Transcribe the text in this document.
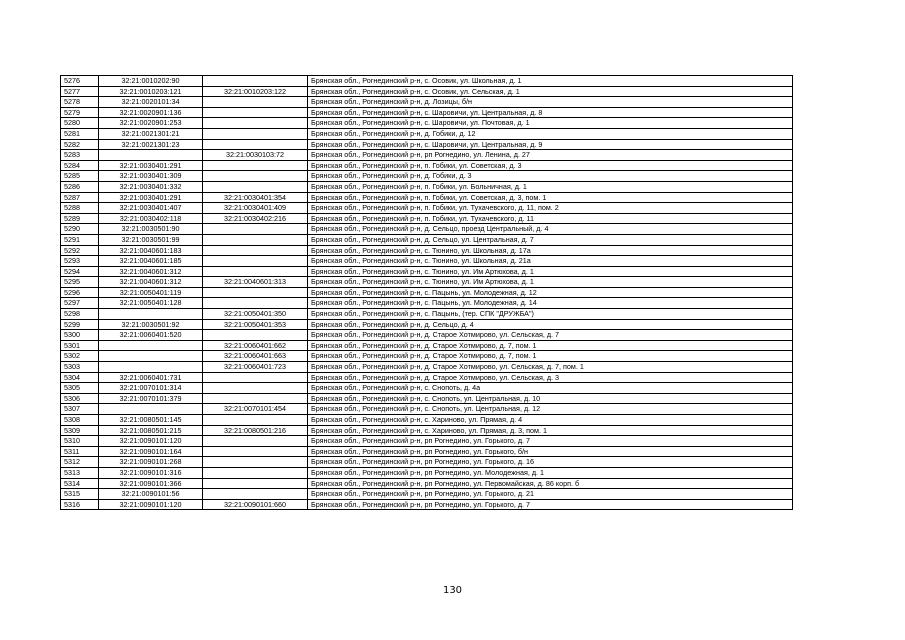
5276	32:21:0010202:90		Брянская обл., Рогнединский р-н, с. Осовик, ул. Школьная, д. 1
5277	32:21:0010203:121	32:21:0010203:122	Брянская обл., Рогнединский р-н, с. Осовик, ул. Сельская, д. 1
5278	32:21:0020101:34		Брянская обл., Рогнединский р-н, д. Лозицы, б/н
5279	32:21:0020901:136		Брянская обл., Рогнединский р-н, с. Шаровичи, ул. Центральная, д. 8
5280	32:21:0020901:253		Брянская обл., Рогнединский р-н, с. Шаровичи, ул. Почтовая, д. 1
5281	32:21:0021301:21		Брянская обл., Рогнединский р-н, д. Гобики, д. 12
5282	32:21:0021301:23		Брянская обл., Рогнединский р-н, с. Шаровичи, ул. Центральная, д. 9
5283		32:21:0030103:72	Брянская обл., Рогнединский р-н, рп Рогнедино, ул. Ленина, д. 27
5284	32:21:0030401:291		Брянская обл., Рогнединский р-н, п. Гобики, ул. Советская, д. 3
5285	32:21:0030401:309		Брянская обл., Рогнединский р-н, д. Гобики, д. 3
5286	32:21:0030401:332		Брянская обл., Рогнединский р-н, п. Гобики, ул. Больничная, д. 1
5287	32:21:0030401:291	32:21:0030401:354	Брянская обл., Рогнединский р-н, п. Гобики, ул. Советская, д. 3, пом. 1
5288	32:21:0030401:407	32:21:0030401:409	Брянская обл., Рогнединский р-н, п. Гобики, ул. Тухачевского, д. 11, пом. 2
5289	32:21:0030402:118	32:21:0030402:216	Брянская обл., Рогнединский р-н, п. Гобики, ул. Тухачевского, д. 11
5290	32:21:0030501:90		Брянская обл., Рогнединский р-н, д. Сельцо, проезд Центральный, д. 4
5291	32:21:0030501:99		Брянская обл., Рогнединский р-н, д. Сельцо, ул. Центральная, д. 7
5292	32:21:0040601:183		Брянская обл., Рогнединский р-н, с. Тюнино, ул. Школьная, д. 17а
5293	32:21:0040601:185		Брянская обл., Рогнединский р-н, с. Тюнино, ул. Школьная, д. 21а
5294	32:21:0040601:312		Брянская обл., Рогнединский р-н, с. Тюнино, ул. Им Артюхова, д. 1
5295	32:21:0040601:312	32:21:0040601:313	Брянская обл., Рогнединский р-н, с. Тюнино, ул. Им Артюхова, д. 1
5296	32:21:0050401:119		Брянская обл., Рогнединский р-н, с. Пацынь, ул. Молодежная, д. 12
5297	32:21:0050401:128		Брянская обл., Рогнединский р-н, с. Пацынь, ул. Молодежная, д. 14
5298		32:21:0050401:350	Брянская обл., Рогнединский р-н, с. Пацынь, (тер. СПК "ДРУЖБА")
5299	32:21:0030501:92	32:21:0050401:353	Брянская обл., Рогнединский р-н, д. Сельцо, д. 4
5300	32:21:0060401:520		Брянская обл., Рогнединский р-н, д. Старое Хотмирово, ул. Сельская, д. 7
5301		32:21:0060401:662	Брянская обл., Рогнединский р-н, д. Старое Хотмирово, д. 7, пом. 1
5302		32:21:0060401:663	Брянская обл., Рогнединский р-н, д. Старое Хотмирово, д. 7, пом. 1
5303		32:21:0060401:723	Брянская обл., Рогнединский р-н, д. Старое Хотмирово, ул. Сельская, д. 7, пом. 1
5304	32:21:0060401:731		Брянская обл., Рогнединский р-н, д. Старое Хотмирово, ул. Сельская, д. 3
5305	32:21:0070101:314		Брянская обл., Рогнединский р-н, с. Снопоть, д. 4а
5306	32:21:0070101:379		Брянская обл., Рогнединский р-н, с. Снопоть, ул. Центральная, д. 10
5307		32:21:0070101:454	Брянская обл., Рогнединский р-н, с. Снопоть, ул. Центральная, д. 12
5308	32:21:0080501:145		Брянская обл., Рогнединский р-н, с. Хариново, ул. Прямая, д. 4
5309	32:21:0080501:215	32:21:0080501:216	Брянская обл., Рогнединский р-н, с. Хариново, ул. Прямая, д. 3, пом. 1
5310	32:21:0090101:120		Брянская обл., Рогнединский р-н, рп Рогнедино, ул. Горького, д. 7
5311	32:21:0090101:164		Брянская обл., Рогнединский р-н, рп Рогнедино, ул. Горького, б/н
5312	32:21:0090101:268		Брянская обл., Рогнединский р-н, рп Рогнедино, ул. Горького, д. 16
5313	32:21:0090101:316		Брянская обл., Рогнединский р-н, рп Рогнедино, ул. Молодежная, д. 1
5314	32:21:0090101:366		Брянская обл., Рогнединский р-н, рп Рогнедино, ул. Первомайская, д. 86 корп. б
5315	32:21:0090101:56		Брянская обл., Рогнединский р-н, рп Рогнедино, ул. Горького, д. 21
5316	32:21:0090101:120	32:21:0090101:660	Брянская обл., Рогнединский р-н, рп Рогнедино, ул. Горького, д. 7
130
